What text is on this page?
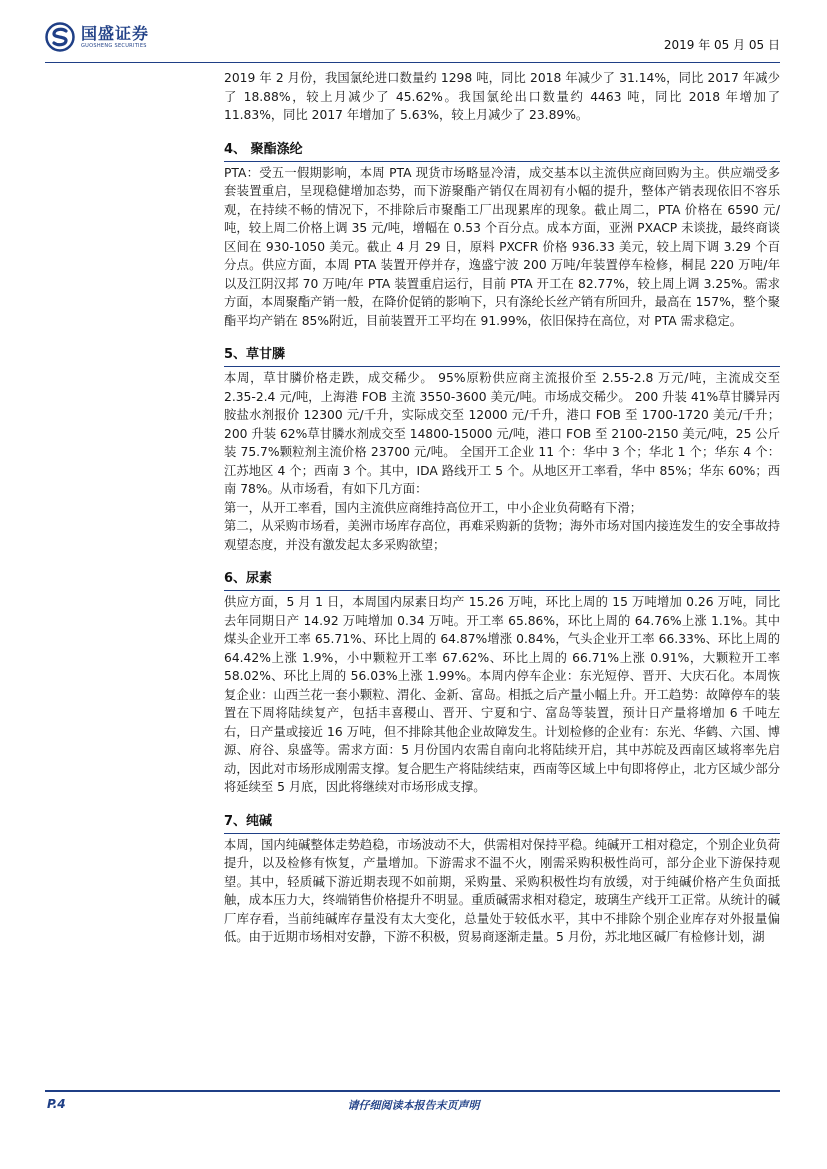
国盛证券
GUOSHENG SECURITIES	2019 年 05 月 05 日

2019 年 2 月份，我国氯纶进口数量约 1298 吨，同比 2018 年减少了 31.14%，同比 2017 年减少了 18.88%，较上月减少了 45.62%。我国氯纶出口数量约 4463 吨，同比 2018 年增加了 11.83%，同比 2017 年增加了 5.63%，较上月减少了 23.89%。

4、 聚酯涤纶

PTA：受五一假期影响，本周 PTA 现货市场略显冷清，成交基本以主流供应商回购为主。供应端受多套装置重启，呈现稳健增加态势，而下游聚酯产销仅在周初有小幅的提升，整体产销表现依旧不容乐观，在持续不畅的情况下，不排除后市聚酯工厂出现累库的现象。截止周二，PTA 价格在 6590 元/吨，较上周二价格上调 35 元/吨，增幅在 0.53 个百分点。成本方面，亚洲 PXACP 未谈拢，最终商谈区间在 930-1050 美元。截止 4 月 29 日，原料 PXCFR 价格 936.33 美元，较上周下调 3.29 个百分点。供应方面，本周 PTA 装置开停并存，逸盛宁波 200 万吨/年装置停车检修，桐昆 220 万吨/年以及江阴汉邦 70 万吨/年 PTA 装置重启运行，目前 PTA 开工在 82.77%，较上周上调 3.25%。需求方面，本周聚酯产销一般，在降价促销的影响下，只有涤纶长丝产销有所回升，最高在 157%，整个聚酯平均产销在 85%附近，目前装置开工平均在 91.99%，依旧保持在高位，对 PTA 需求稳定。

5、草甘膦

本周，草甘膦价格走跌，成交稀少。 95%原粉供应商主流报价至 2.55-2.8 万元/吨，主流成交至 2.35-2.4 元/吨，上海港 FOB 主流 3550-3600 美元/吨。市场成交稀少。 200 升装 41%草甘膦异丙胺盐水剂报价 12300 元/千升，实际成交至 12000 元/千升，港口 FOB 至 1700-1720 美元/千升；200 升装 62%草甘膦水剂成交至 14800-15000 元/吨，港口 FOB 至 2100-2150 美元/吨，25 公斤装 75.7%颗粒剂主流价格 23700 元/吨。 全国开工企业 11 个：华中 3 个；华北 1 个；华东 4 个：江苏地区 4 个；西南 3 个。其中，IDA 路线开工 5 个。从地区开工率看，华中 85%；华东 60%；西南 78%。从市场看，有如下几方面：

第一，从开工率看，国内主流供应商维持高位开工，中小企业负荷略有下滑；

第二，从采购市场看，美洲市场库存高位，再难采购新的货物；海外市场对国内接连发生的安全事故持观望态度，并没有激发起太多采购欲望；

6、尿素

供应方面，5 月 1 日，本周国内尿素日均产 15.26 万吨，环比上周的 15 万吨增加 0.26 万吨，同比去年同期日产 14.92 万吨增加 0.34 万吨。开工率 65.86%，环比上周的 64.76%上涨 1.1%。其中煤头企业开工率 65.71%、环比上周的 64.87%增涨 0.84%，气头企业开工率 66.33%、环比上周的 64.42%上涨 1.9%，小中颗粒开工率 67.62%、环比上周的 66.71%上涨 0.91%，大颗粒开工率 58.02%、环比上周的 56.03%上涨 1.99%。本周内停车企业：东光短停、晋开、大庆石化。本周恢复企业：山西兰花一套小颗粒、渭化、金新、富岛。相抵之后产量小幅上升。开工趋势：故障停车的装置在下周将陆续复产，包括丰喜稷山、晋开、宁夏和宁、富岛等装置，预计日产量将增加 6 千吨左右，日产量或接近 16 万吨，但不排除其他企业故障发生。计划检修的企业有：东光、华鹤、六国、博源、府谷、泉盛等。需求方面：5 月份国内农需自南向北将陆续开启，其中苏皖及西南区域将率先启动，因此对市场形成刚需支撑。复合肥生产将陆续结束，西南等区域上中旬即将停止，北方区域少部分将延续至 5 月底，因此将继续对市场形成支撑。

7、纯碱

本周，国内纯碱整体走势趋稳，市场波动不大，供需相对保持平稳。纯碱开工相对稳定，个别企业负荷提升，以及检修有恢复，产量增加。下游需求不温不火，刚需采购积极性尚可，部分企业下游保持观望。其中，轻质碱下游近期表现不如前期，采购量、采购积极性均有放缓，对于纯碱价格产生负面抵触，成本压力大，终端销售价格提升不明显。重质碱需求相对稳定，玻璃生产线开工正常。从统计的碱厂库存看，当前纯碱库存量没有太大变化，总量处于较低水平，其中不排除个别企业库存对外报量偏低。由于近期市场相对安静，下游不积极，贸易商逐渐走量。5 月份，苏北地区碱厂有检修计划，湖

P.4	请仔细阅读本报告末页声明
